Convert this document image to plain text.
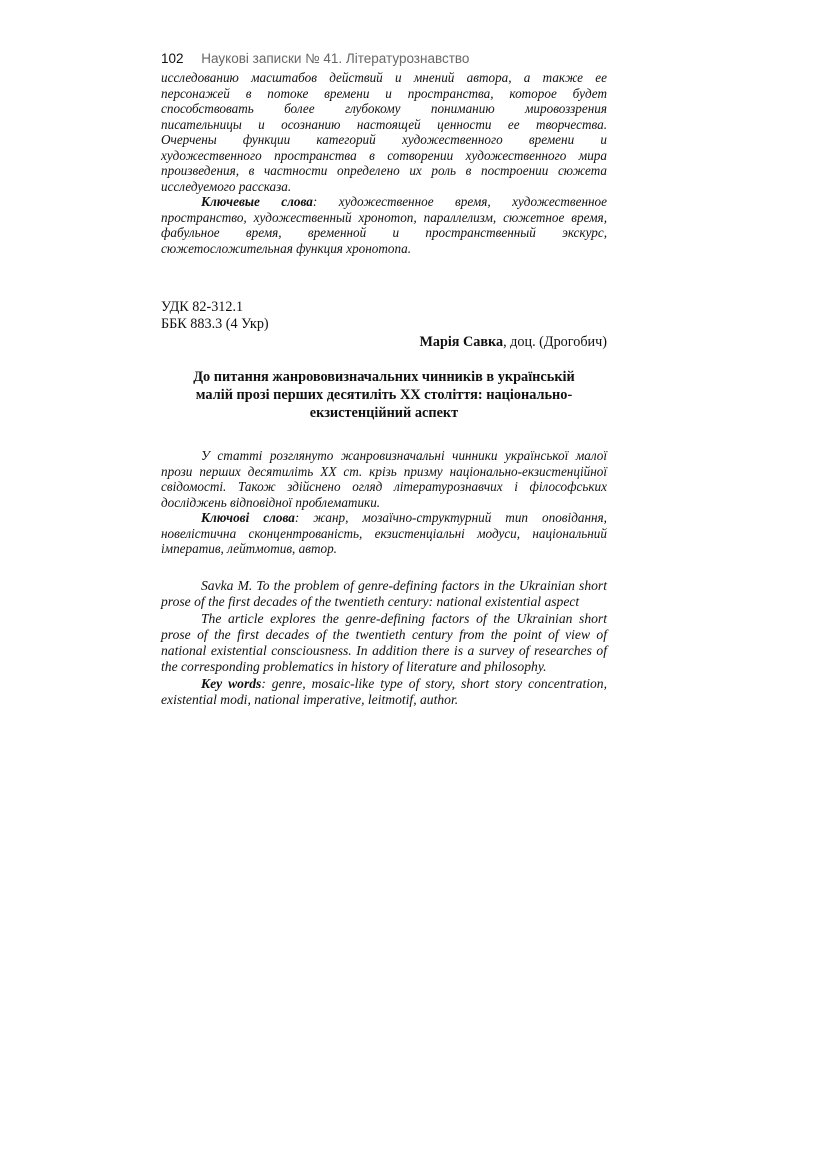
102 Наукові записки № 41. Літературознавство
исследованию масштабов действий и мнений автора, а также ее
персонажей в потоке времени и пространства, которое будет
способствовать более глубокому пониманию мировоззрения
писательницы и осознанию настоящей ценности ее творчества.
Очерчены функции категорий художественного времени и
художественного пространства в сотворении художественного мира
произведения, в частности определено их роль в построении сюжета
исследуемого рассказа.

Ключевые слова: художественное время, художественное пространство, художественный хронотоп, параллелизм, сюжетное время, фабульное время, временной и пространственный экскурс, сюжетосложительная функция хронотопа.

УДК 82-312.1
ББК 883.3 (4 Укр)
Марія Савка, доц. (Дрогобич)
До питання жанрововизначальних чинників в українській
малій прозі перших десятиліть ХХ століття: національно-
екзистенційний аспект

У статті розглянуто жанровизначальні чинники української малої прози перших десятиліть ХХ ст. крізь призму національно-екзистенційної свідомості. Також здійснено огляд літературознавчих і філософських досліджень відповідної проблематики.

Ключові слова: жанр, мозаїчно-структурний тип оповідання, новелістична сконцентрованість, екзистенціальні модуси, національний імператив, лейтмотив, автор.

Savka M. To the problem of genre-defining factors in the Ukrainian short prose of the first decades of the twentieth century: national existential aspect

The article explores the genre-defining factors of the Ukrainian short prose of the first decades of the twentieth century from the point of view of national existential consciousness. In addition there is a survey of researches of the corresponding problematics in history of literature and philosophy.

Key words: genre, mosaic-like type of story, short story concentration, existential modi, national imperative, leitmotif, author.
